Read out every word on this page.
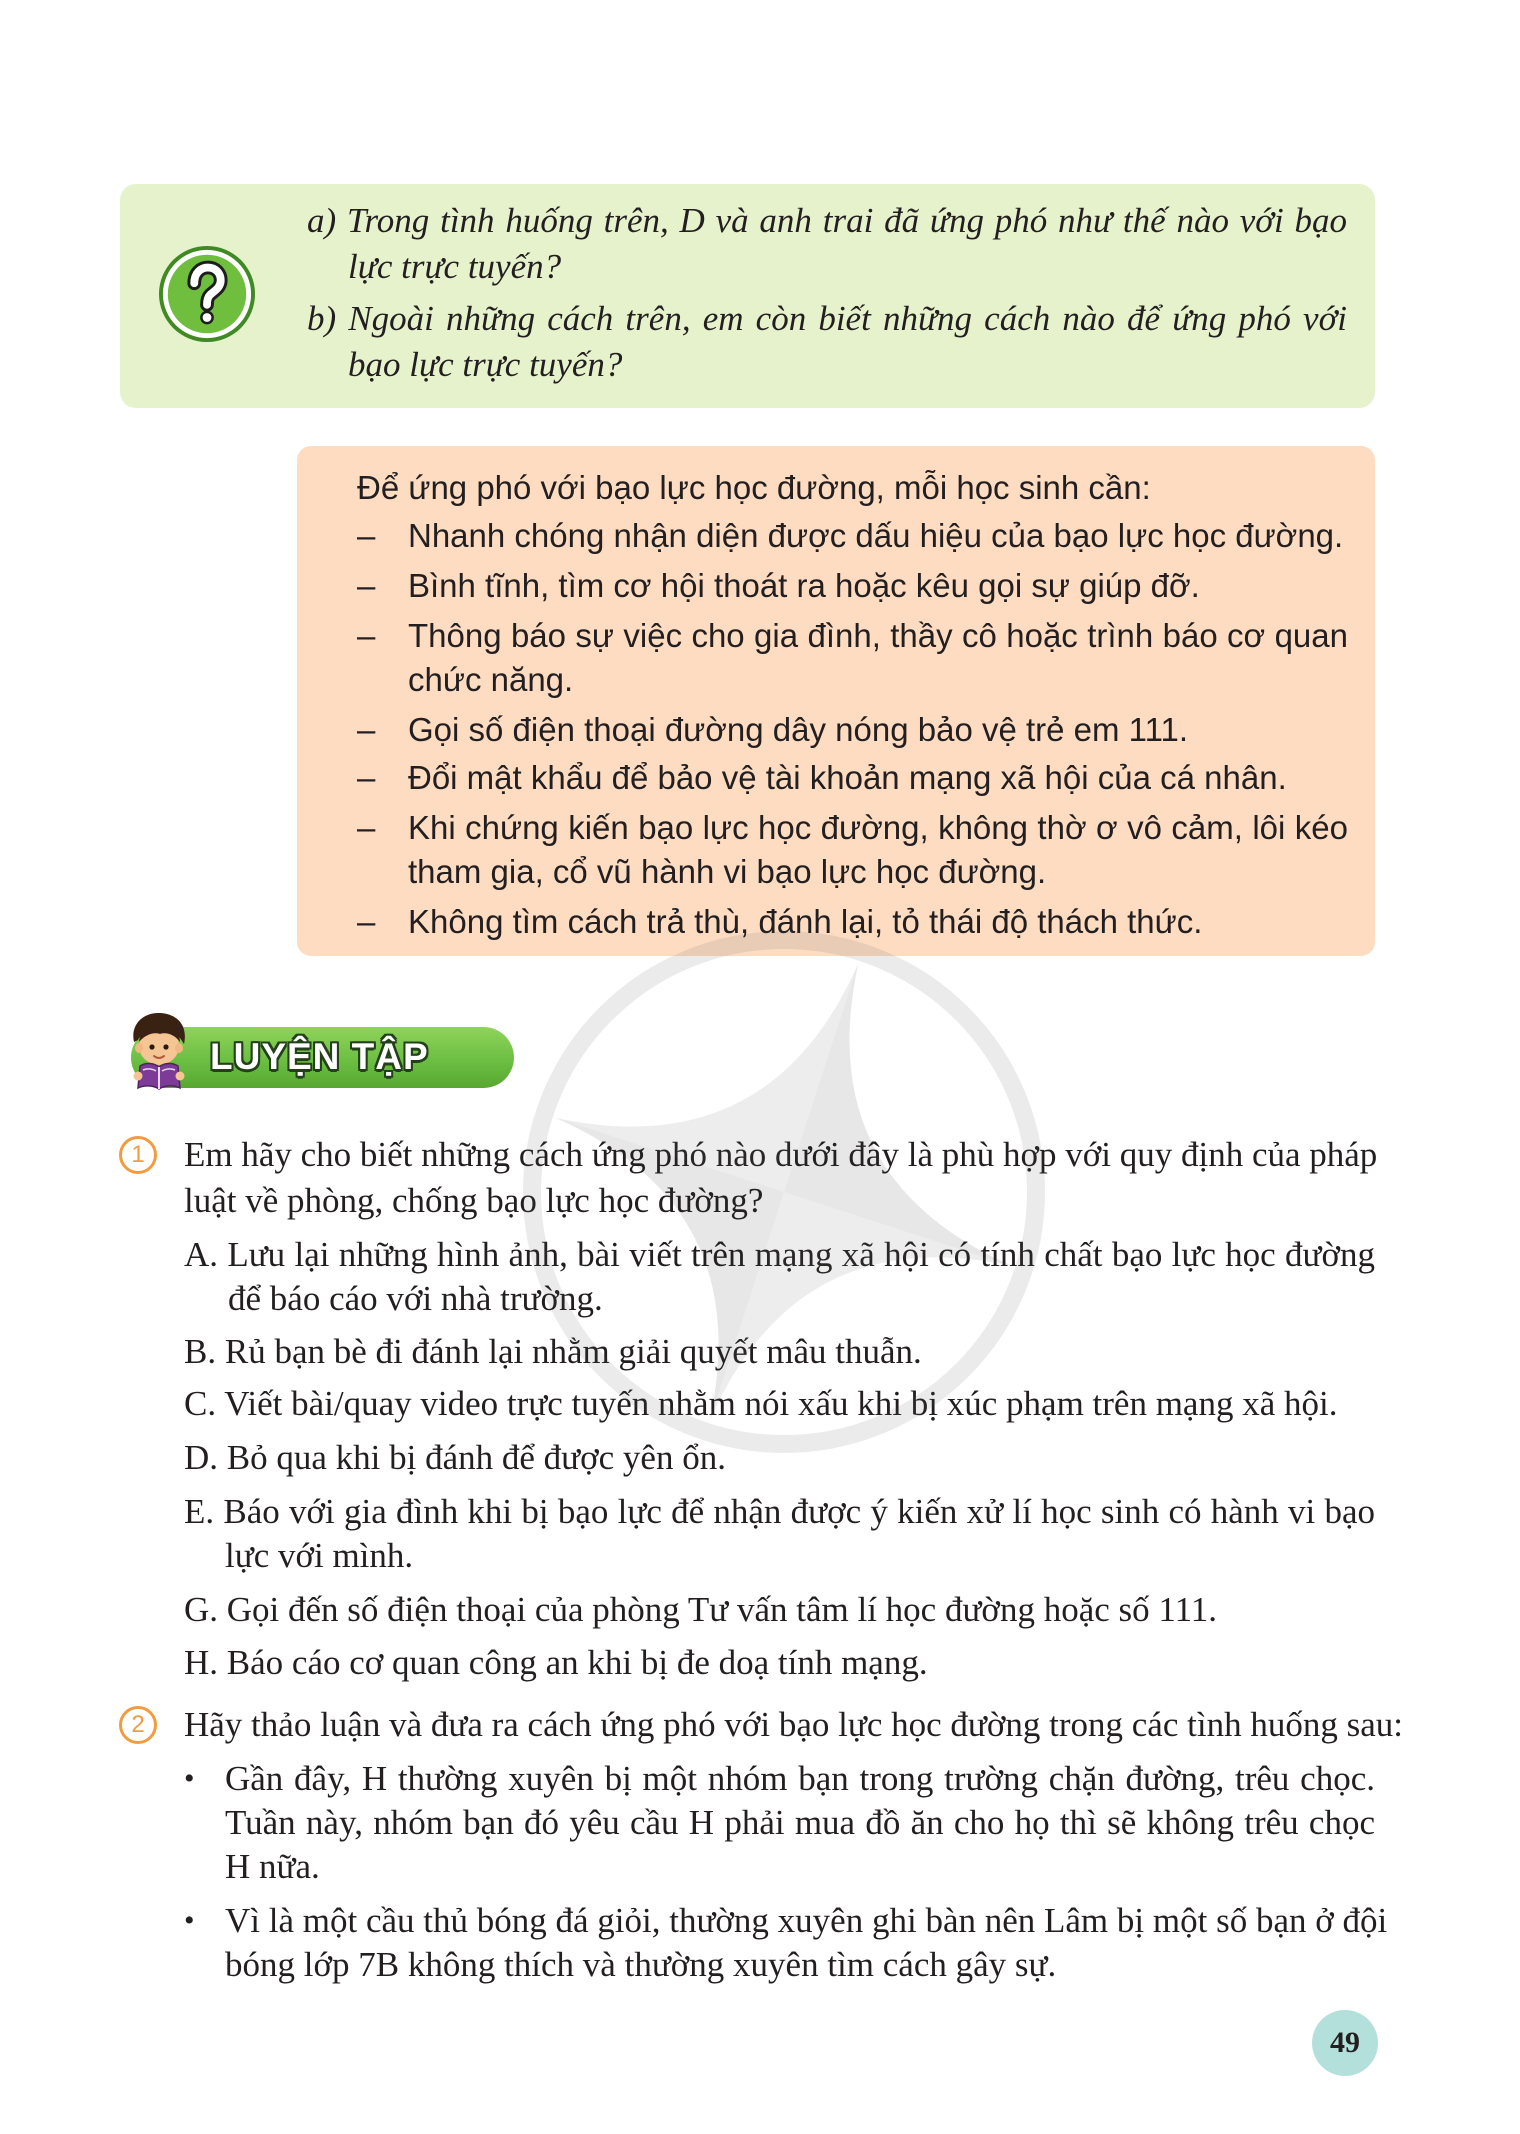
a) Trong tình huống trên, D và anh trai đã ứng phó như thế nào với bạo
lực trực tuyến?
b) Ngoài những cách trên, em còn biết những cách nào để ứng phó với
bạo lực trực tuyến?
Để ứng phó với bạo lực học đường, mỗi học sinh cần:
– Nhanh chóng nhận diện được dấu hiệu của bạo lực học đường.
– Bình tĩnh, tìm cơ hội thoát ra hoặc kêu gọi sự giúp đỡ.
– Thông báo sự việc cho gia đình, thầy cô hoặc trình báo cơ quan
chức năng.
– Gọi số điện thoại đường dây nóng bảo vệ trẻ em 111.
– Đổi mật khẩu để bảo vệ tài khoản mạng xã hội của cá nhân.
– Khi chứng kiến bạo lực học đường, không thờ ơ vô cảm, lôi kéo
tham gia, cổ vũ hành vi bạo lực học đường.
– Không tìm cách trả thù, đánh lại, tỏ thái độ thách thức.
LUYỆN TẬP
1	Em hãy cho biết những cách ứng phó nào dưới đây là phù hợp với quy định của pháp
luật về phòng, chống bạo lực học đường?
A. Lưu lại những hình ảnh, bài viết trên mạng xã hội có tính chất bạo lực học đường
để báo cáo với nhà trường.
B. Rủ bạn bè đi đánh lại nhằm giải quyết mâu thuẫn.
C. Viết bài/quay video trực tuyến nhằm nói xấu khi bị xúc phạm trên mạng xã hội.
D. Bỏ qua khi bị đánh để được yên ổn.
E. Báo với gia đình khi bị bạo lực để nhận được ý kiến xử lí học sinh có hành vi bạo
lực với mình.
G. Gọi đến số điện thoại của phòng Tư vấn tâm lí học đường hoặc số 111.
H. Báo cáo cơ quan công an khi bị đe doạ tính mạng.
2	Hãy thảo luận và đưa ra cách ứng phó với bạo lực học đường trong các tình huống sau:
• Gần đây, H thường xuyên bị một nhóm bạn trong trường chặn đường, trêu chọc.
Tuần này, nhóm bạn đó yêu cầu H phải mua đồ ăn cho họ thì sẽ không trêu chọc
H nữa.
• Vì là một cầu thủ bóng đá giỏi, thường xuyên ghi bàn nên Lâm bị một số bạn ở đội
bóng lớp 7B không thích và thường xuyên tìm cách gây sự.
49
